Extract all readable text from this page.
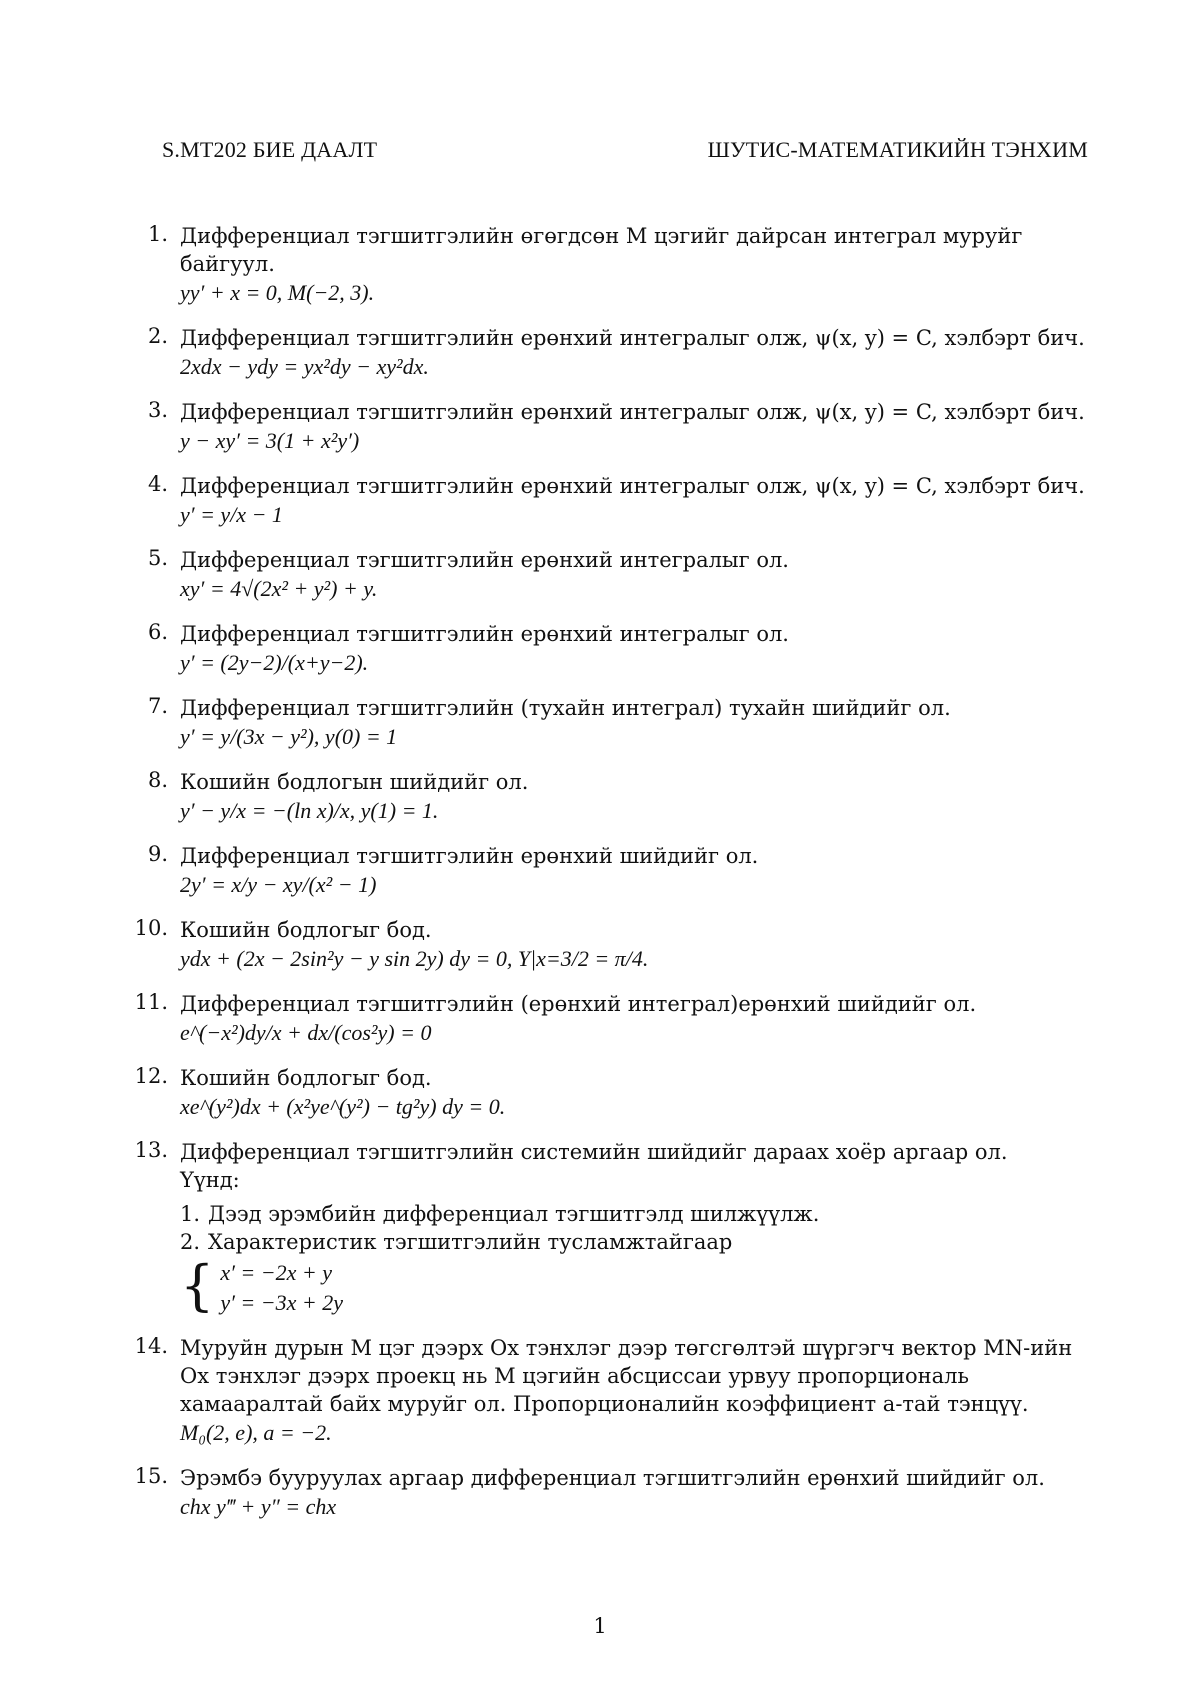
S.MT202 БИЕ ДААЛТ	ШУТИС-МАТЕМАТИКИЙН ТЭНХИМ
1. Дифференциал тэгшитгэлийн өгөгдсөн M цэгийг дайрсан интеграл муруйг байгуул.
yy′ + x = 0, M(−2, 3).
2. Дифференциал тэгшитгэлийн ерөнхий интегралыг олж, ψ(x, y) = C, хэлбэрт бич.
2xdx − ydy = yx²dy − xy²dx.
3. Дифференциал тэгшитгэлийн ерөнхий интегралыг олж, ψ(x, y) = C, хэлбэрт бич.
y − xy′ = 3(1 + x²y′)
4. Дифференциал тэгшитгэлийн ерөнхий интегралыг олж, ψ(x, y) = C, хэлбэрт бич.
y′ = y/x − 1
5. Дифференциал тэгшитгэлийн ерөнхий интегралыг ол.
xy′ = 4√(2x² + y²) + y.
6. Дифференциал тэгшитгэлийн ерөнхий интегралыг ол.
y′ = (2y−2)/(x+y−2).
7. Дифференциал тэгшитгэлийн (тухайн интеграл) тухайн шийдийг ол.
y′ = y/(3x − y²), y(0) = 1
8. Кошийн бодлогын шийдийг ол.
y′ − y/x = −(ln x)/x, y(1) = 1.
9. Дифференциал тэгшитгэлийн ерөнхий шийдийг ол.
2y′ = x/y − xy/(x² − 1)
10. Кошийн бодлогыг бод.
ydx + (2x − 2sin²y − y sin 2y) dy = 0, Y|x=3/2 = π/4.
11. Дифференциал тэгшитгэлийн (ерөнхий интеграл)ерөнхий шийдийг ол.
e^(−x²)dy/x + dx/(cos²y) = 0
12. Кошийн бодлогыг бод.
xe^(y²)dx + (x²ye^(y²) − tg²y) dy = 0.
13. Дифференциал тэгшитгэлийн системийн шийдийг дараах хоёр аргаар ол.
Үүнд:
1. Дээд эрэмбийн дифференциал тэгшитгэлд шилжүүлж.
2. Характеристик тэгшитгэлийн тусламжтайгаар
{ x′ = −2x + y
y′ = −3x + 2y
14. Муруйн дурын M цэг дээрх Ox тэнхлэг дээр төгсгөлтэй шүргэгч вектор MN-ийн Ox тэнхлэг дээрх проекц нь M цэгийн абсциссаи урвуу пропорциональ хамааралтай байх муруйг ол. Пропорционалийн коэффициент a-тай тэнцүү.
M₀(2, e), a = −2.
15. Эрэмбэ бууруулах аргаар дифференциал тэгшитгэлийн ерөнхий шийдийг ол.
chx y‴ + y″ = chx
1
